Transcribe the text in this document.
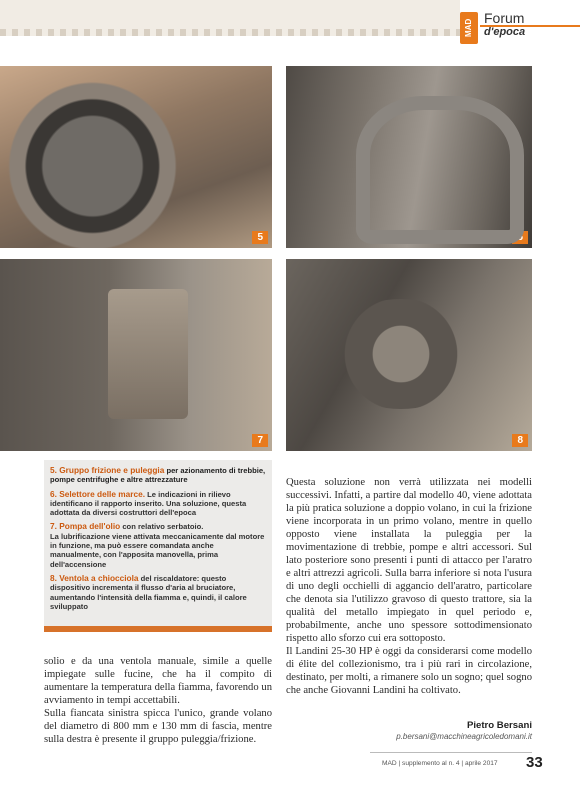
MAD
Forum
d'epoca
5	6
7	8
5. Gruppo frizione e puleggia per azionamento di trebbie, pompe centrifughe e altre attrezzature
6. Selettore delle marce. Le indicazioni in rilievo identificano il rapporto inserito. Una soluzione, questa adottata da diversi costruttori dell'epoca
7. Pompa dell'olio con relativo serbatoio.
La lubrificazione viene attivata meccanicamente dal motore in funzione, ma può essere comandata anche manualmente, con l'apposita manovella, prima dell'accensione
8. Ventola a chiocciola del riscaldatore: questo dispositivo incrementa il flusso d'aria al bruciatore, aumentando l'intensità della fiamma e, quindi, il calore sviluppato

solio e da una ventola manuale, simile a quelle impiegate sulle fucine, che ha il compito di aumentare la temperatura della fiamma, favorendo un avviamento in tempi accettabili.

Sulla fiancata sinistra spicca l'unico, grande volano del diametro di 800 mm e 130 mm di fascia, mentre sulla destra è presente il gruppo puleggia/frizione.

Questa soluzione non verrà utilizzata nei modelli successivi. Infatti, a partire dal modello 40, viene adottata la più pratica soluzione a doppio volano, in cui la frizione viene incorporata in un primo volano, mentre in quello opposto viene installata la puleggia per la movimentazione di trebbie, pompe e altri accessori. Sul lato posteriore sono presenti i punti di attacco per l'aratro e altri attrezzi agricoli. Sulla barra inferiore si nota l'usura di uno degli occhielli di aggancio dell'aratro, particolare che denota sia l'utilizzo gravoso di questo trattore, sia la qualità del metallo impiegato in quel periodo e, probabilmente, anche uno spessore sottodimensionato rispetto allo sforzo cui era sottoposto.

Il Landini 25-30 HP è oggi da considerarsi come modello di élite del collezionismo, tra i più rari in circolazione, destinato, per molti, a rimanere solo un sogno; quel sogno che anche Giovanni Landini ha coltivato.

Pietro Bersani
p.bersani@macchineagricoledomani.it
MAD | supplemento al n. 4 | aprile 2017 33
